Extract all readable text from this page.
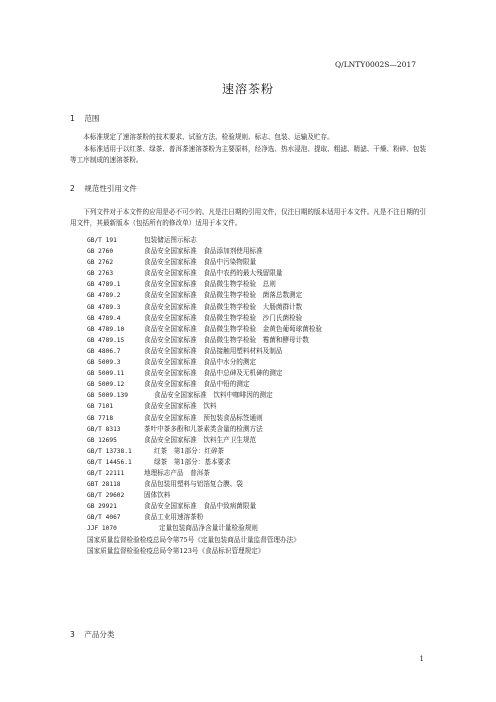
Q/LNTY0002S—2017
速溶茶粉
1 范围

本标准规定了速溶茶粉的技术要求、试验方法、检验规则、标志、包装、运输及贮存。

本标准适用于以红茶、绿茶、普洱茶速溶茶粉为主要原料，经净选、热水浸泡、提取、粗滤、精滤、干燥、粉碎、包装等工序制成的速溶茶粉。

2 规范性引用文件

下列文件对于本文件的应用是必不可少的。凡是注日期的引用文件，仅注日期的版本适用于本文件。凡是不注日期的引用文件，其最新版本（包括所有的修改单）适用于本文件。

GB/T 191	包装储运图示标志
GB 2760	食品安全国家标准　食品添加剂使用标准
GB 2762	食品安全国家标准　食品中污染物限量
GB 2763	食品安全国家标准　食品中农药的最大残留限量
GB 4789.1	食品安全国家标准　食品微生物学检验　总则
GB 4789.2	食品安全国家标准　食品微生物学检验　菌落总数测定
GB 4789.3	食品安全国家标准　食品微生物学检验　大肠菌群计数
GB 4789.4	食品安全国家标准　食品微生物学检验　沙门氏菌检验
GB 4789.10	食品安全国家标准　食品微生物学检验　金黄色葡萄球菌检验
GB 4789.15	食品安全国家标准　食品微生物学检验　霉菌和酵母计数
GB 4806.7	食品安全国家标准　食品接触用塑料材料及制品
GB 5009.3	食品安全国家标准　食品中水分的测定
GB 5009.11	食品安全国家标准　食品中总砷及无机砷的测定
GB 5009.12	食品安全国家标准　食品中铅的测定
GB 5009.139	食品安全国家标准　饮料中咖啡因的测定
GB 7101	食品安全国家标准　饮料
GB 7718	食品安全国家标准　预包装食品标签通则
GB/T 8313	茶叶中茶多酚和儿茶素类含量的检测方法
GB 12695	食品安全国家标准　饮料生产卫生规范
GB/T 13738.1	红茶　第1部分：红碎茶
GB/T 14456.1	绿茶　第1部分：基本要求
GB/T 22111	地理标志产品　普洱茶
GBT 28118	食品包装用塑料与铝箔复合膜、袋
GB/T 29602	固体饮料
GB 29921	食品安全国家标准　食品中致病菌限量
GB/T 4067	食品工业用速溶茶粉
JJF 1070	定量包装商品净含量计量检验规则
国家质量监督检验检疫总局令第75号《定量包装商品计量监督管理办法》
国家质量监督检验检疫总局令第123号《食品标识管理规定》
3 产品分类
1
